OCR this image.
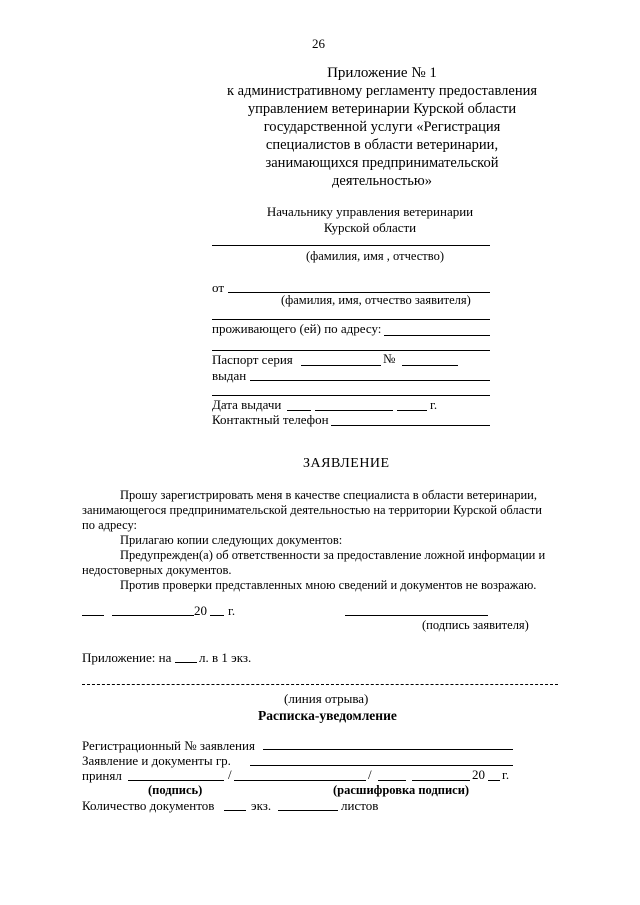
26
Приложение № 1
к административному регламенту предоставления
управлением ветеринарии Курской области
государственной услуги «Регистрация
специалистов в области ветеринарии,
занимающихся предпринимательской
деятельностью»
Начальнику управления ветеринарии
Курской области
(фамилия, имя , отчество)
от
(фамилия, имя, отчество заявителя)
проживающего (ей) по адресу:
Паспорт серия	№
выдан
Дата выдачи	г.
Контактный телефон
ЗАЯВЛЕНИЕ
Прошу зарегистрировать меня в качестве специалиста в области ветеринарии,
занимающегося предпринимательской деятельностью на территории Курской области
по адресу:
Прилагаю копии следующих документов:
Предупрежден(а) об ответственности за предоставление ложной информации и
недостоверных документов.
Против проверки представленных мною сведений и документов не возражаю.
20 г.
(подпись заявителя)
Приложение: на л. в 1 экз.
(линия отрыва)
Расписка-уведомление
Регистрационный № заявления
Заявление и документы гр.
принял	/	/	20 г.
(подпись)	(расшифровка подписи)
Количество документов	экз.	листов
